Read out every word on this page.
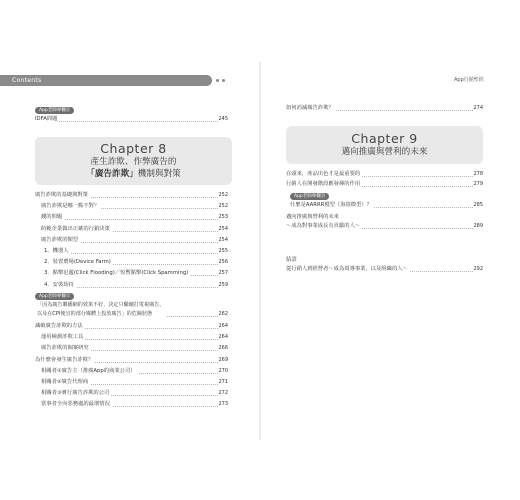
Contents	App行銷聖經
App老師專欄⑪
IDFA問題	245
Chapter 8
產生詐欺、作弊廣告的
「廣告詐欺」機制與對策
廣告詐欺的基礎與對策	252
廣告詐欺是哪一點不對？	252
錢的問題	253
防範企業做出正確的行銷決策	254
廣告詐欺的類型	254
1．機器人	255
2．裝置農場(Device Farm)	256
3．點擊氾濫(Click Flooding)／短暫點擊(Click Spamming)	257
4．安裝劫持	259
App老師專欄⑫
「因為廣告聯播網的效果不好，決定只繼續打電視廣告，
以及在CPI便宜的部分媒體上投放廣告」的危險狀態	262
識破廣告詐欺的方法	264
運用檢測詐欺工具	264
廣告詐欺的個案研究	266
為什麼會發生廣告詐欺？	269
相關者①廣告主（推廣App的商業公司）	270
相關者②廣告代理商	271
相關者③實行廣告詐欺的公司	272
當事者全向惡務處的最壞情況	273
如何消滅廣告詐欺？	274
Chapter 9
邁向推廣與營利的未來
在頭來，產品出色才是最重要的	278
行銷人在開發階段應發揮的作用	279
App老師專欄⑬
什麼是AARRR模型（海盜模型）？	285
邁向推廣與營利的未來
～成為對事業成長有貢獻的人～	289
結語
從行銷人到經營者～成為領導事業，以及組織的人～	292
